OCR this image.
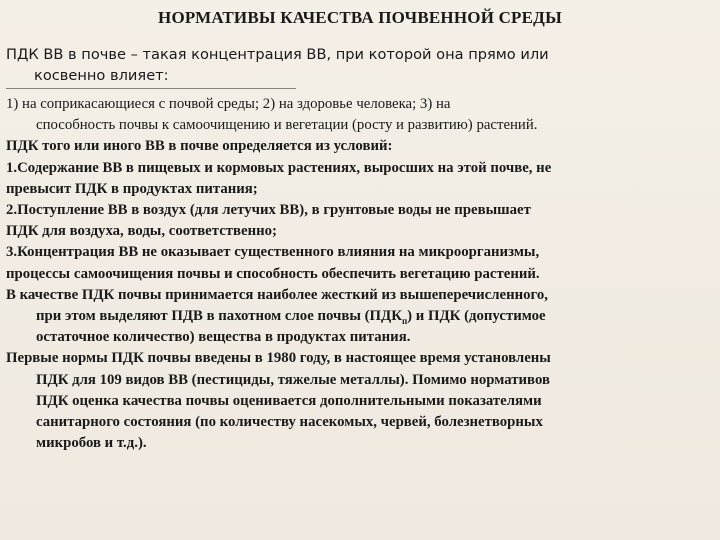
НОРМАТИВЫ КАЧЕСТВА ПОЧВЕННОЙ СРЕДЫ
ПДК ВВ в почве – такая концентрация ВВ, при которой она прямо или
косвенно влияет:
1) на соприкасающиеся с почвой среды; 2) на здоровье человека; 3) на
способность почвы к самоочищению и вегетации (росту и развитию) растений.
ПДК того или иного ВВ в почве определяется из условий:
1.Содержание ВВ в пищевых и кормовых растениях, выросших на этой почве, не
превысит ПДК в продуктах питания;
2.Поступление ВВ в воздух (для летучих ВВ), в грунтовые воды не превышает
ПДК для воздуха, воды, соответственно;
3.Концентрация ВВ не оказывает существенного влияния на микроорганизмы,
процессы самоочищения почвы и способность обеспечить вегетацию растений.
В качестве ПДК почвы принимается наиболее жесткий из вышеперечисленного,
при этом выделяют ПДВ в пахотном слое почвы $(ПДК_п)$ и ПДК (допустимое
остаточное количество) вещества в продуктах питания.
Первые нормы ПДК почвы введены в 1980 году, в настоящее время установлены
ПДК для 109 видов ВВ (пестициды, тяжелые металлы). Помимо нормативов
ПДК оценка качества почвы оценивается дополнительными показателями
санитарного состояния (по количеству насекомых, червей, болезнетворных
микробов и т.д.).
